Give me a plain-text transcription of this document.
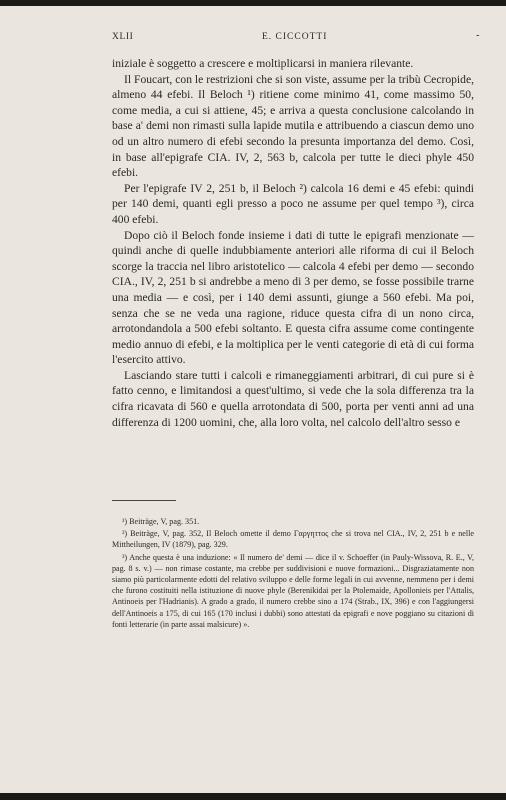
XLII	E. CICCOTTI	-

iniziale è soggetto a crescere e moltiplicarsi in maniera rilevante.

Il Foucart, con le restrizioni che si son viste, assume per la tribù Cecropide, almeno 44 efebi. Il Beloch ¹) ritiene come minimo 41, come massimo 50, come media, a cui si attiene, 45; e arriva a questa conclusione calcolando in base a' demi non rimasti sulla lapide mutila e attribuendo a ciascun demo uno od un altro numero di efebi secondo la presunta importanza del demo. Così, in base all'epigrafe CIA. IV, 2, 563 b, calcola per tutte le dieci phyle 450 efebi.

Per l'epigrafe IV 2, 251 b, il Beloch ²) calcola 16 demi e 45 efebi: quindi per 140 demi, quanti egli presso a poco ne assume per quel tempo ³), circa 400 efebi.

Dopo ciò il Beloch fonde insieme i dati di tutte le epigrafi menzionate — quindi anche di quelle indubbiamente anteriori alle riforma di cui il Beloch scorge la traccia nel libro aristotelico — calcola 4 efebi per demo — secondo CIA., IV, 2, 251 b si andrebbe a meno di 3 per demo, se fosse possibile trarne una media — e così, per i 140 demi assunti, giunge a 560 efebi. Ma poi, senza che se ne veda una ragione, riduce questa cifra di un nono circa, arrotondandola a 500 efebi soltanto. E questa cifra assume come contingente medio annuo di efebi, e la moltiplica per le venti categorie di età di cui forma l'esercito attivo.

Lasciando stare tutti i calcoli e rimaneggiamenti arbitrari, di cui pure si è fatto cenno, e limitandosi a quest'ultimo, si vede che la sola differenza tra la cifra ricavata di 560 e quella arrotondata di 500, porta per venti anni ad una differenza di 1200 uomini, che, alla loro volta, nel calcolo dell'altro sesso e

¹) Beiträge, V, pag. 351.

²) Beiträge, V, pag. 352, Il Beloch omette il demo Γαργηττος che si trova nel CIA., IV, 2, 251 b e nelle Mittheilungen, IV (1879), pag. 329.

³) Anche questa è una induzione: « Il numero de' demi — dice il v. Schoeffer (in Pauly-Wissova, R. E., V, pag. 8 s. v.) — non rimase costante, ma crebbe per suddivisioni e nuove formazioni... Disgraziatamente non siamo più particolarmente edotti del relativo sviluppo e delle forme legali in cui avvenne, nemmeno per i demi che furono costituiti nella istituzione di nuove phyle (Berenikidai per la Ptolemaide, Apollonieis per l'Attalis, Antinoeis per l'Hadrianis). A grado a grado, il numero crebbe sino a 174 (Strab., IX, 396) e con l'aggiungersi dell'Antinoeis a 175, di cui 165 (170 inclusi i dubbi) sono attestati da epigrafi e nove poggiano su citazioni di fonti letterarie (in parte assai malsicure) ».
